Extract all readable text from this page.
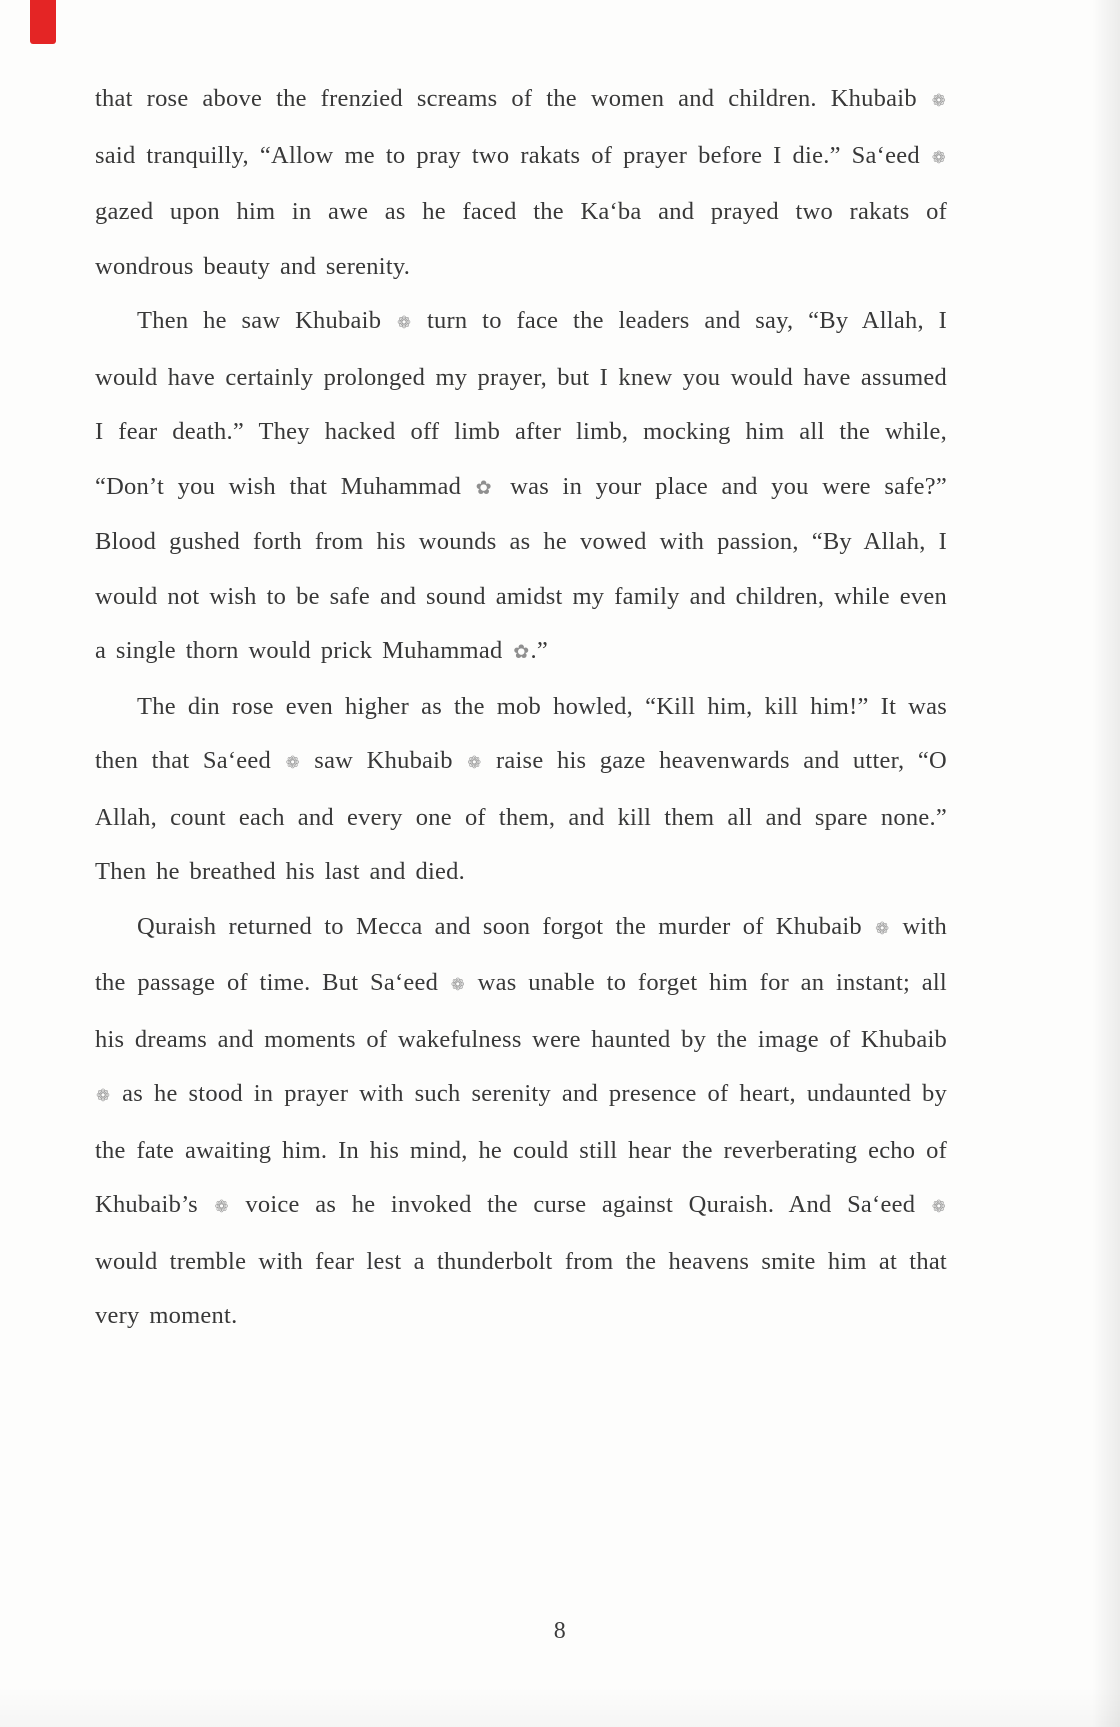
that rose above the frenzied screams of the women and children. Khubaib ❁ said tranquilly, “Allow me to pray two rakats of prayer before I die.” Sa‘eed ❁ gazed upon him in awe as he faced the Ka‘ba and prayed two rakats of wondrous beauty and serenity.

Then he saw Khubaib ❁ turn to face the leaders and say, “By Allah, I would have certainly prolonged my prayer, but I knew you would have assumed I fear death.” They hacked off limb after limb, mocking him all the while, “Don’t you wish that Muhammad ✿ was in your place and you were safe?” Blood gushed forth from his wounds as he vowed with passion, “By Allah, I would not wish to be safe and sound amidst my family and children, while even a single thorn would prick Muhammad ✿.”

The din rose even higher as the mob howled, “Kill him, kill him!” It was then that Sa‘eed ❁ saw Khubaib ❁ raise his gaze heavenwards and utter, “O Allah, count each and every one of them, and kill them all and spare none.” Then he breathed his last and died.

Quraish returned to Mecca and soon forgot the murder of Khubaib ❁ with the passage of time. But Sa‘eed ❁ was unable to forget him for an instant; all his dreams and moments of wakefulness were haunted by the image of Khubaib ❁ as he stood in prayer with such serenity and presence of heart, undaunted by the fate awaiting him. In his mind, he could still hear the reverberating echo of Khubaib’s ❁ voice as he invoked the curse against Quraish. And Sa‘eed ❁ would tremble with fear lest a thunderbolt from the heavens smite him at that very moment.

8
